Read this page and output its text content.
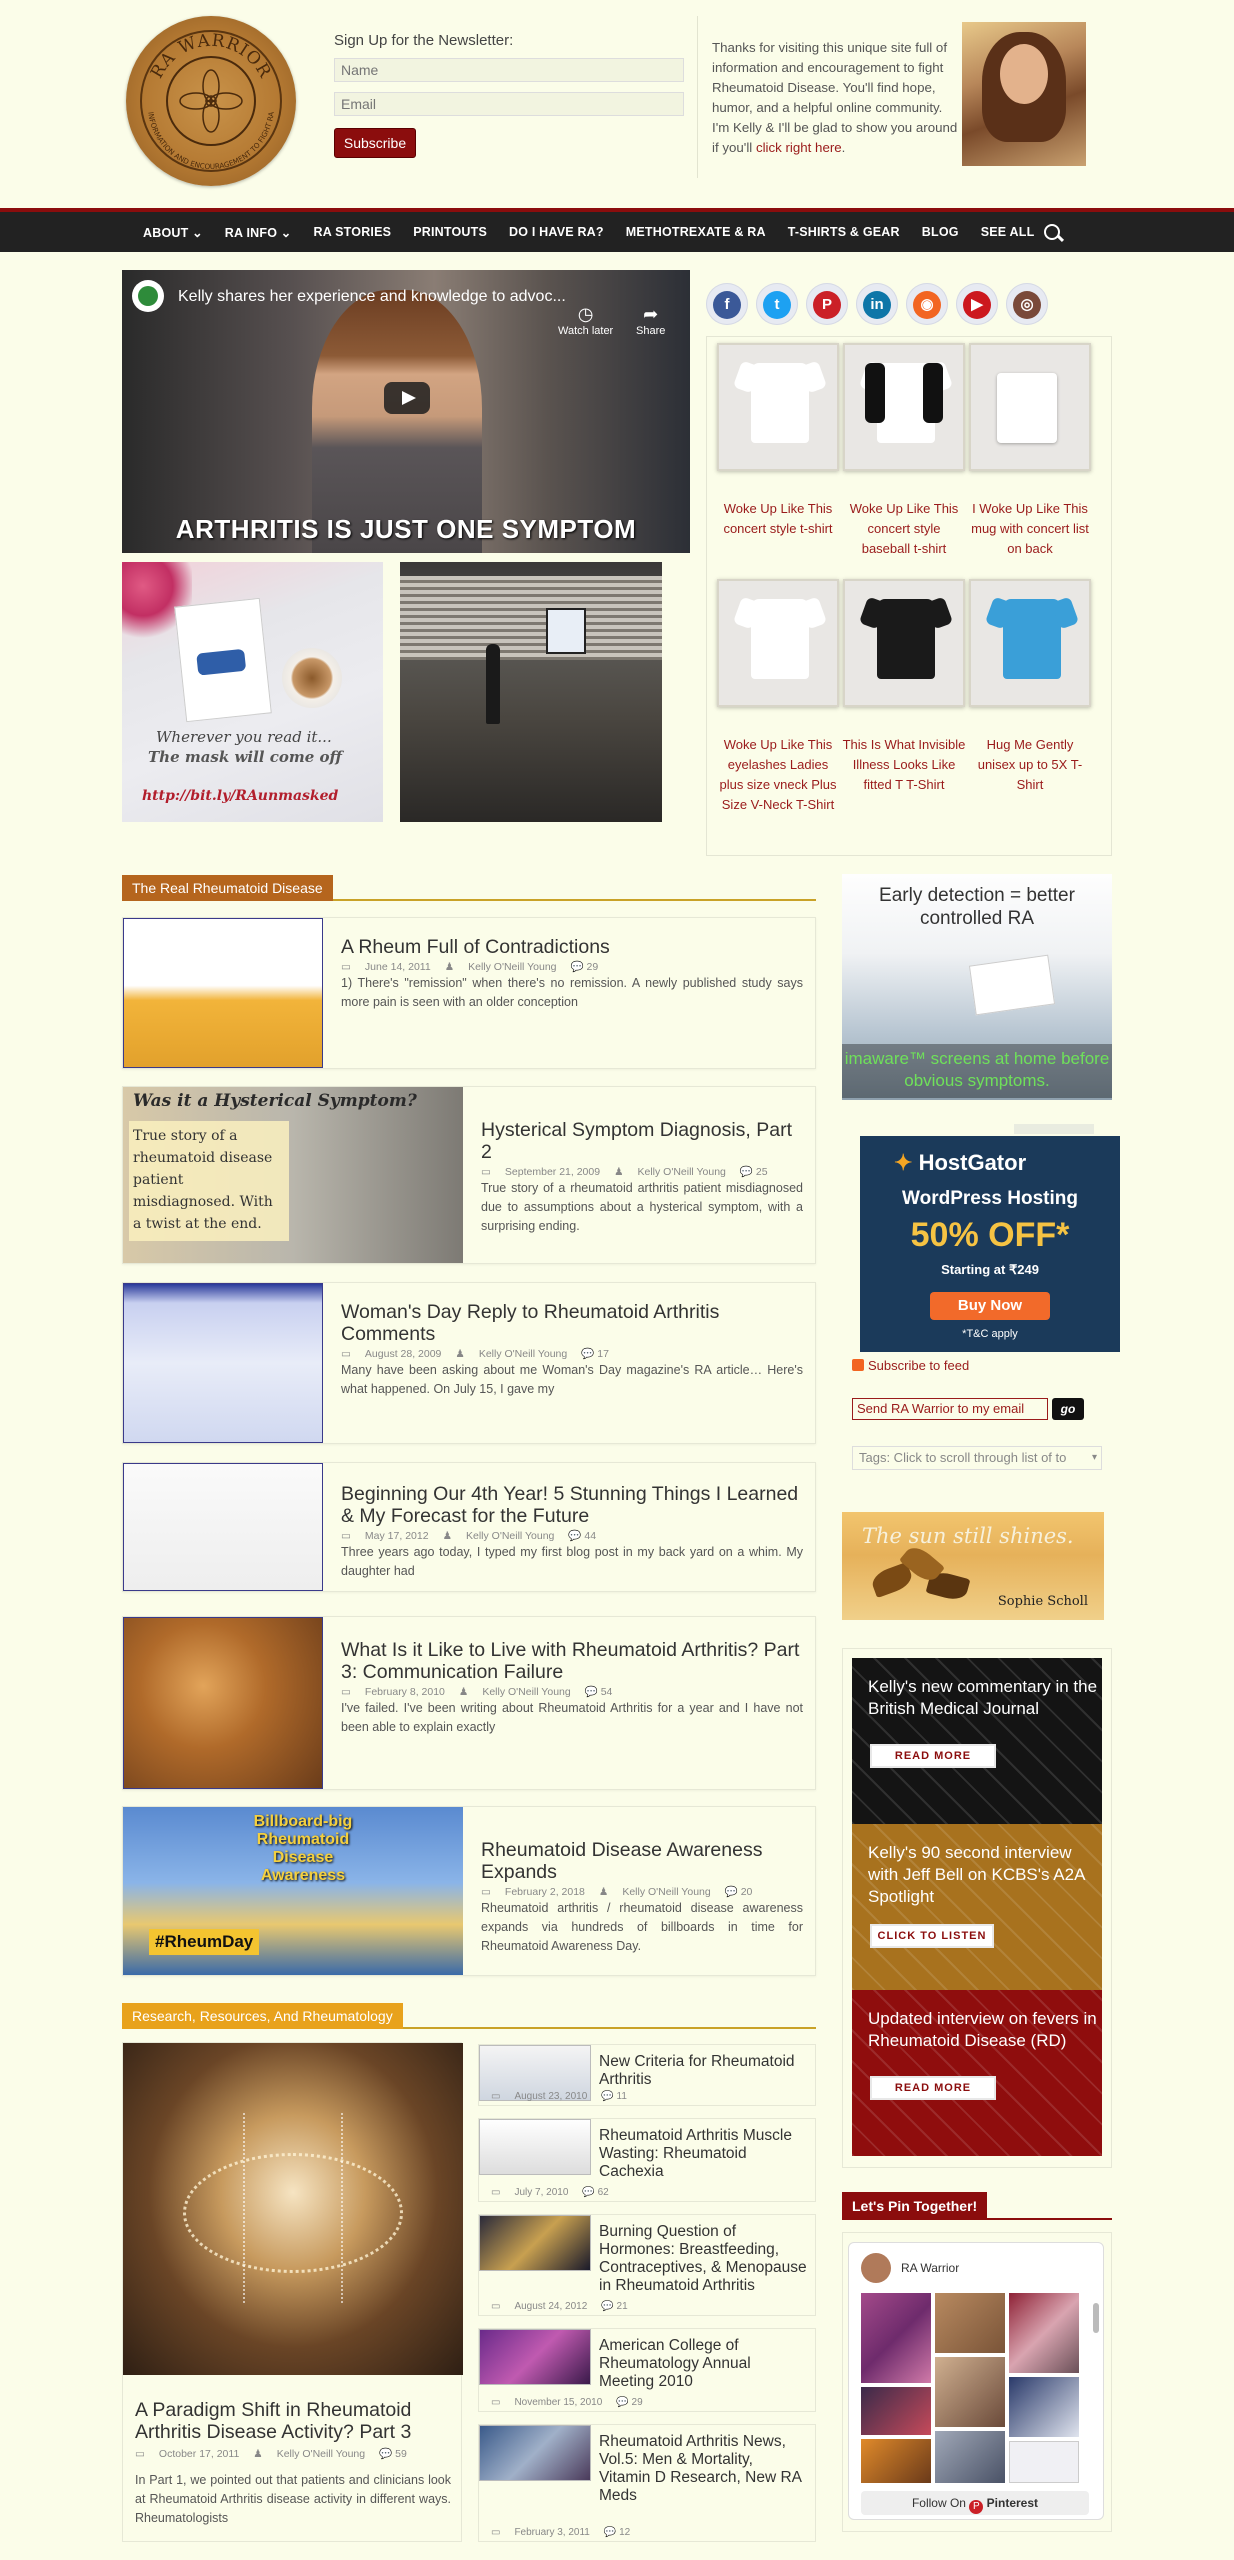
RA WARRIOR
INFORMATION AND ENCOURAGEMENT TO FIGHT RA
Sign Up for the Newsletter:
Name
Email
Subscribe

Thanks for visiting this unique site full of information and encouragement to fight Rheumatoid Disease. You'll find hope, humor, and a helpful online community. I'm Kelly & I'll be glad to show you around if you'll click right here.

ABOUT ⌄	RA INFO ⌄	RA STORIES	PRINTOUTS	DO I HAVE RA?	METHOTREXATE & RA	T-SHIRTS & GEAR	BLOG	SEE ALL
Kelly shares her experience and knowledge to advoc...
◷
Watch later
➦
Share
ARTHRITIS IS JUST ONE SYMPTOM
Wherever you read it...
The mask will come off
http://bit.ly/RAunmasked
f	t	P	in	◉	▶	◎
Woke Up Like This concert style t-shirt
Woke Up Like This concert style baseball t-shirt
I Woke Up Like This mug with concert list on back
Woke Up Like This eyelashes Ladies plus size vneck Plus Size V-Neck T-Shirt
This Is What Invisible Illness Looks Like fitted T T-Shirt
Hug Me Gently unisex up to 5X T-Shirt
The Real Rheumatoid Disease
A Rheum Full of Contradictions
▭ June 14, 2011 ♟ Kelly O'Neill Young 💬 29
1) There's "remission" when there's no remission. A newly published study says more pain is seen with an older conception
Was it a Hysterical Symptom?
True story of a rheumatoid disease patient misdiagnosed. With a twist at the end.
Hysterical Symptom Diagnosis, Part 2
▭ September 21, 2009 ♟ Kelly O'Neill Young 💬 25
True story of a rheumatoid arthritis patient misdiagnosed due to assumptions about a hysterical symptom, with a surprising ending.
Woman's Day Reply to Rheumatoid Arthritis Comments
▭ August 28, 2009 ♟ Kelly O'Neill Young 💬 17
Many have been asking about me Woman's Day magazine's RA article… Here's what happened. On July 15, I gave my
Beginning Our 4th Year! 5 Stunning Things I Learned & My Forecast for the Future
▭ May 17, 2012 ♟ Kelly O'Neill Young 💬 44
Three years ago today, I typed my first blog post in my back yard on a whim. My daughter had
What Is it Like to Live with Rheumatoid Arthritis? Part 3: Communication Failure
▭ February 8, 2010 ♟ Kelly O'Neill Young 💬 54
I've failed. I've been writing about Rheumatoid Arthritis for a year and I have not been able to explain exactly
Billboard-big Rheumatoid Disease Awareness
#RheumDay
Rheumatoid Disease Awareness Expands
▭ February 2, 2018 ♟ Kelly O'Neill Young 💬 20
Rheumatoid arthritis / rheumatoid disease awareness expands via hundreds of billboards in time for Rheumatoid Awareness Day.
Research, Resources, And Rheumatology
A Paradigm Shift in Rheumatoid Arthritis Disease Activity? Part 3
▭ October 17, 2011 ♟ Kelly O'Neill Young 💬 59
In Part 1, we pointed out that patients and clinicians look at Rheumatoid Arthritis disease activity in different ways. Rheumatologists
New Criteria for Rheumatoid Arthritis
▭ August 23, 2010 💬 11
Rheumatoid Arthritis Muscle Wasting: Rheumatoid Cachexia
▭ July 7, 2010 💬 62
Burning Question of Hormones: Breastfeeding, Contraceptives, & Menopause in Rheumatoid Arthritis
▭ August 24, 2012 💬 21
American College of Rheumatology Annual Meeting 2010
▭ November 15, 2010 💬 29
Rheumatoid Arthritis News, Vol.5: Men & Mortality, Vitamin D Research, New RA Meds
▭ February 3, 2011 💬 12
Early detection = better controlled RA
imaware™ screens at home before obvious symptoms.
✦ HostGator
WordPress Hosting
50% OFF*
Starting at ₹249
Buy Now
*T&C apply
Subscribe to feed
Send RA Warrior to my email	go
Tags: Click to scroll through list of to	▾
The sun still shines.
Sophie Scholl
Kelly's new commentary in the British Medical Journal
READ MORE
Kelly's 90 second interview with Jeff Bell on KCBS's A2A Spotlight
CLICK TO LISTEN
Updated interview on fevers in Rheumatoid Disease (RD)
READ MORE
Let's Pin Together!
RA Warrior
Follow On P Pinterest
